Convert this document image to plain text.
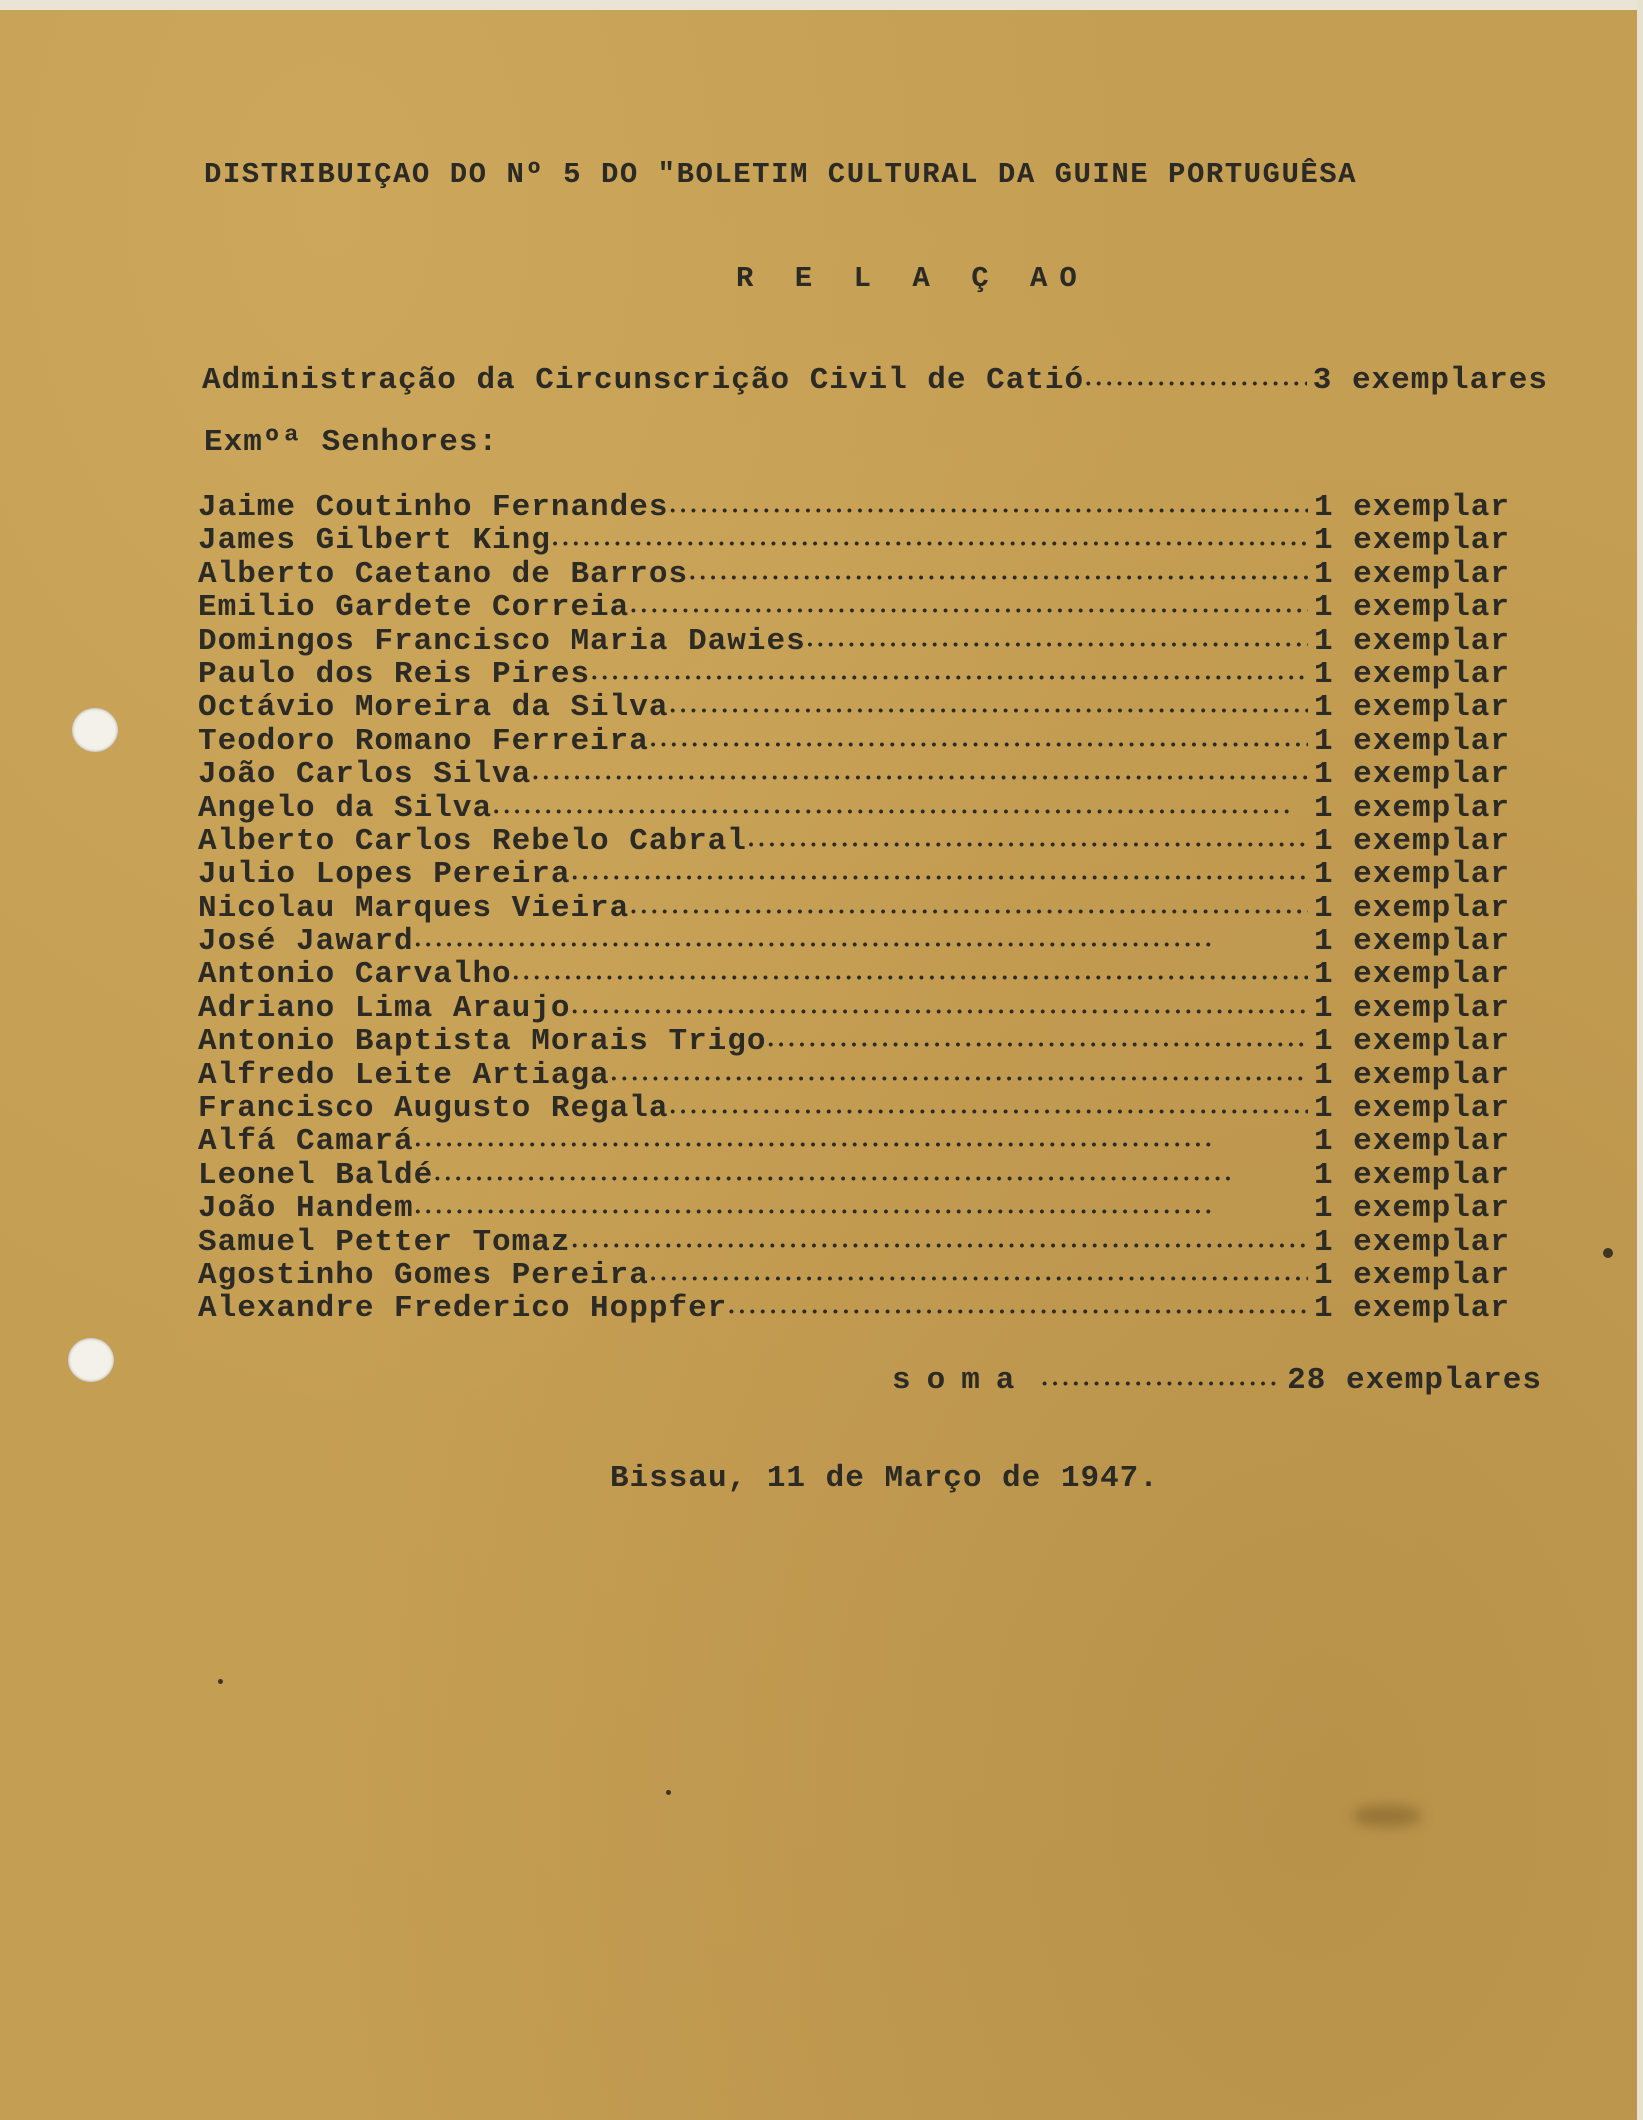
DISTRIBUIÇAO DO Nº 5 DO "BOLETIM CULTURAL DA GUINE PORTUGUÊSA
R E L A Ç AO
Administração da Circunscrição Civil de Catió •••••	3 exemplares
Exmºª Senhores:
Jaime Coutinho Fernandes •••••	1 exemplar
James Gilbert King •••••	1 exemplar
Alberto Caetano de Barros •••••	1 exemplar
Emilio Gardete Correia •••••	1 exemplar
Domingos Francisco Maria Dawies •••••	1 exemplar
Paulo dos Reis Pires •••••	1 exemplar
Octávio Moreira da Silva •••••	1 exemplar
Teodoro Romano Ferreira •••••	1 exemplar
João Carlos Silva •••••	1 exemplar
Angelo da Silva •••••	1 exemplar
Alberto Carlos Rebelo Cabral •••••	1 exemplar
Julio Lopes Pereira •••••	1 exemplar
Nicolau Marques Vieira •••••	1 exemplar
José Jaward •••••	1 exemplar
Antonio Carvalho •••••	1 exemplar
Adriano Lima Araujo •••••	1 exemplar
Antonio Baptista Morais Trigo •••••	1 exemplar
Alfredo Leite Artiaga •••••	1 exemplar
Francisco Augusto Regala •••••	1 exemplar
Alfá Camará •••••	1 exemplar
Leonel Baldé •••••	1 exemplar
João Handem •••••	1 exemplar
Samuel Petter Tomaz •••••	1 exemplar
Agostinho Gomes Pereira •••••	1 exemplar
Alexandre Frederico Hoppfer •••••	1 exemplar
soma •••••	28 exemplares
Bissau, 11 de Março de 1947.
